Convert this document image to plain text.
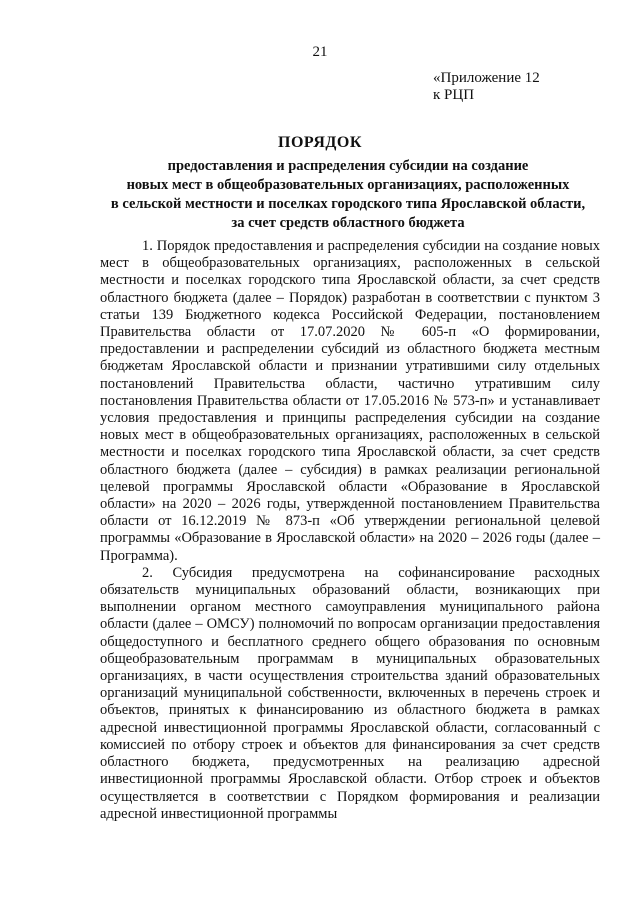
21
«Приложение 12
к РЦП
ПОРЯДОК
предоставления и распределения субсидии на создание
новых мест в общеобразовательных организациях, расположенных
в сельской местности и поселках городского типа Ярославской области,
за счет средств областного бюджета

1. Порядок предоставления и распределения субсидии на создание новых мест в общеобразовательных организациях, расположенных в сельской местности и поселках городского типа Ярославской области, за счет средств областного бюджета (далее – Порядок) разработан в соответствии с пунктом 3 статьи 139 Бюджетного кодекса Российской Федерации, постановлением Правительства области от 17.07.2020 № 605-п «О формировании, предоставлении и распределении субсидий из областного бюджета местным бюджетам Ярославской области и признании утратившими силу отдельных постановлений Правительства области, частично утратившим силу постановления Правительства области от 17.05.2016 № 573-п» и устанавливает условия предоставления и принципы распределения субсидии на создание новых мест в общеобразовательных организациях, расположенных в сельской местности и поселках городского типа Ярославской области, за счет средств областного бюджета (далее – субсидия) в рамках реализации региональной целевой программы Ярославской области «Образование в Ярославской области» на 2020 – 2026 годы, утвержденной постановлением Правительства области от 16.12.2019 № 873-п «Об утверждении региональной целевой программы «Образование в Ярославской области» на 2020 – 2026 годы (далее – Программа).

2. Субсидия предусмотрена на софинансирование расходных обязательств муниципальных образований области, возникающих при выполнении органом местного самоуправления муниципального района области (далее – ОМСУ) полномочий по вопросам организации предоставления общедоступного и бесплатного среднего общего образования по основным общеобразовательным программам в муниципальных образовательных организациях, в части осуществления строительства зданий образовательных организаций муниципальной собственности, включенных в перечень строек и объектов, принятых к финансированию из областного бюджета в рамках адресной инвестиционной программы Ярославской области, согласованный с комиссией по отбору строек и объектов для финансирования за счет средств областного бюджета, предусмотренных на реализацию адресной инвестиционной программы Ярославской области. Отбор строек и объектов осуществляется в соответствии с Порядком формирования и реализации адресной инвестиционной программы
